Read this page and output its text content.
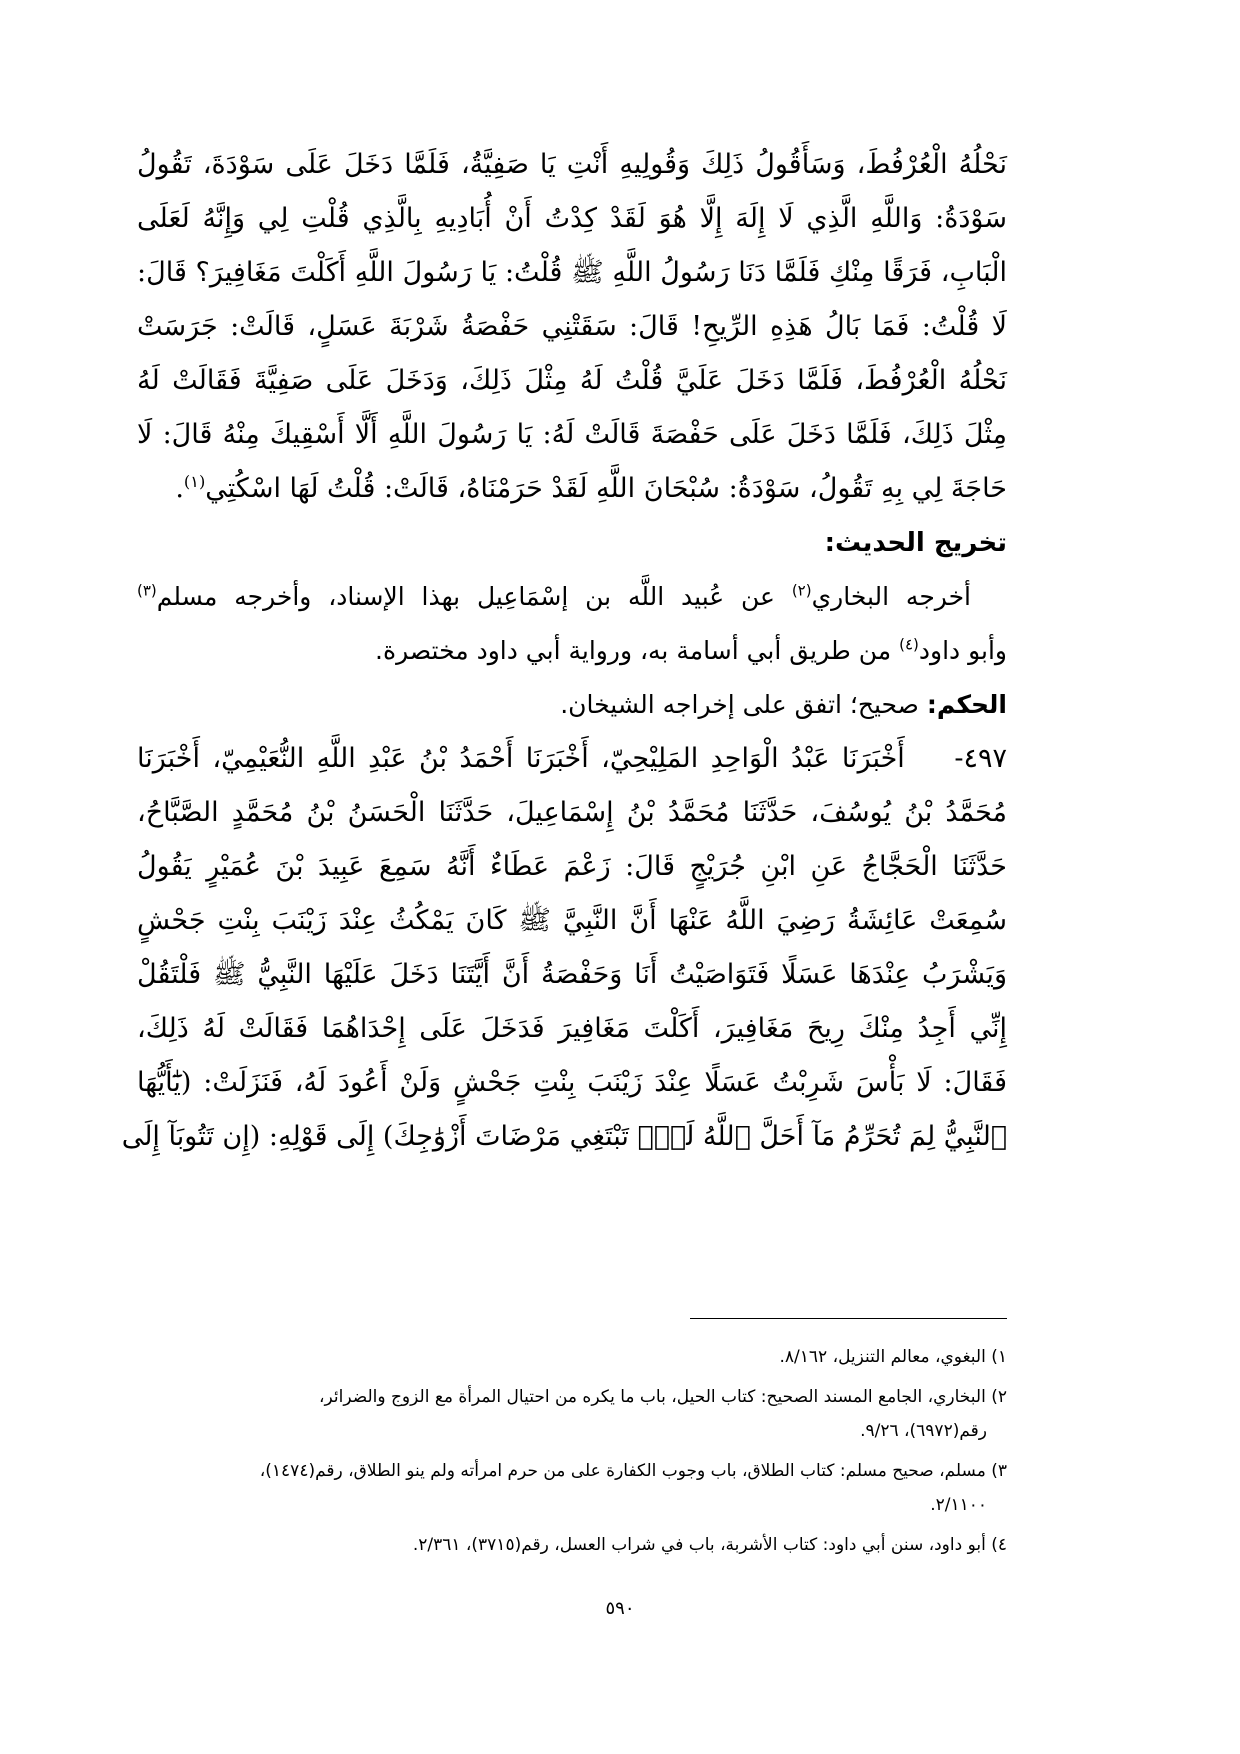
نَحْلُهُ الْعُرْفُطَ، وَسَأَقُولُ ذَلِكَ وَقُولِيهِ أَنْتِ يَا صَفِيَّةُ، فَلَمَّا دَخَلَ عَلَى سَوْدَةَ، تَقُولُ
سَوْدَةُ: وَاللَّهِ الَّذِي لَا إِلَهَ إِلَّا هُوَ لَقَدْ كِدْتُ أَنْ أُبَادِيهِ بِالَّذِي قُلْتِ لِي وَإِنَّهُ لَعَلَى
الْبَابِ، فَرَقًا مِنْكِ فَلَمَّا دَنَا رَسُولُ اللَّهِ ﷺ قُلْتُ: يَا رَسُولَ اللَّهِ أَكَلْتَ مَغَافِيرَ؟ قَالَ:
لَا قُلْتُ: فَمَا بَالُ هَذِهِ الرِّيحِ! قَالَ: سَقَتْنِي حَفْصَةُ شَرْبَةَ عَسَلٍ، قَالَتْ: جَرَسَتْ
نَحْلُهُ الْعُرْفُطَ، فَلَمَّا دَخَلَ عَلَيَّ قُلْتُ لَهُ مِثْلَ ذَلِكَ، وَدَخَلَ عَلَى صَفِيَّةَ فَقَالَتْ لَهُ
مِثْلَ ذَلِكَ، فَلَمَّا دَخَلَ عَلَى حَفْصَةَ قَالَتْ لَهُ: يَا رَسُولَ اللَّهِ أَلَّا أَسْقِيكَ مِنْهُ قَالَ: لَا
حَاجَةَ لِي بِهِ تَقُولُ، سَوْدَةُ: سُبْحَانَ اللَّهِ لَقَدْ حَرَمْنَاهُ، قَالَتْ: قُلْتُ لَهَا اسْكُتِي$^{(١)}$.
تخريج الحديث:
أخرجه البخاري$^{(٢)}$ عن عُبيد اللَّه بن إسْمَاعِيل بهذا الإسناد، وأخرجه مسلم$^{(٣)}$
وأبو داود$^{(٤)}$ من طريق أبي أسامة به، ورواية أبي داود مختصرة.
الحكم: صحيح؛ اتفق على إخراجه الشيخان.
٤٩٧-    أَخْبَرَنَا عَبْدُ الْوَاحِدِ المَلِيْحِيّ، أَخْبَرَنَا أَحْمَدُ بْنُ عَبْدِ اللَّهِ النُّعَيْمِيّ، أَخْبَرَنَا
مُحَمَّدُ بْنُ يُوسُفَ، حَدَّثَنَا مُحَمَّدُ بْنُ إِسْمَاعِيلَ، حَدَّثَنَا الْحَسَنُ بْنُ مُحَمَّدٍ الصَّبَّاحُ،
حَدَّثَنَا الْحَجَّاجُ عَنِ ابْنِ جُرَيْجٍ قَالَ: زَعْمَ عَطَاءٌ أَنَّهُ سَمِعَ عَبِيدَ بْنَ عُمَيْرٍ يَقُولُ
سُمِعَتْ عَائِشَةُ رَضِيَ اللَّهُ عَنْهَا أَنَّ النَّبِيَّ ﷺ كَانَ يَمْكُثُ عِنْدَ زَيْنَبَ بِنْتِ جَحْشٍ
وَيَشْرَبُ عِنْدَهَا عَسَلًا فَتَوَاصَيْتُ أَنَا وَحَفْصَةُ أَنَّ أَيَّتَنَا دَخَلَ عَلَيْهَا النَّبِيُّ ﷺ فَلْتَقُلْ
إِنِّي أَجِدُ مِنْكَ رِيحَ مَغَافِيرَ، أَكَلْتَ مَغَافِيرَ فَدَخَلَ عَلَى إِحْدَاهُمَا فَقَالَتْ لَهُ ذَلِكَ،
فَقَالَ: لَا بَأْسَ شَرِبْتُ عَسَلًا عِنْدَ زَيْنَبَ بِنْتِ جَحْشٍ وَلَنْ أَعُودَ لَهُ، فَنَزَلَتْ: (يَٰٓأَيُّهَا
ٱلنَّبِيُّ لِمَ تُحَرِّمُ مَآ أَحَلَّ ٱللَّهُ لَكَۖ تَبْتَغِي مَرْضَاتَ أَزْوَٰجِكَ) إِلَى قَوْلِهِ: (إِن تَتُوبَآ إِلَى
١) البغوي، معالم التنزيل، ٨/١٦٢.
٢) البخاري، الجامع المسند الصحيح: كتاب الحيل، باب ما يكره من احتيال المرأة مع الزوج والضرائر،
رقم(٦٩٧٢)، ٩/٢٦.
٣) مسلم، صحيح مسلم: كتاب الطلاق، باب وجوب الكفارة على من حرم امرأته ولم ينو الطلاق، رقم(١٤٧٤)،
٢/١١٠٠.
٤) أبو داود، سنن أبي داود: كتاب الأشربة، باب في شراب العسل، رقم(٣٧١٥)، ٢/٣٦١.
٥٩٠
